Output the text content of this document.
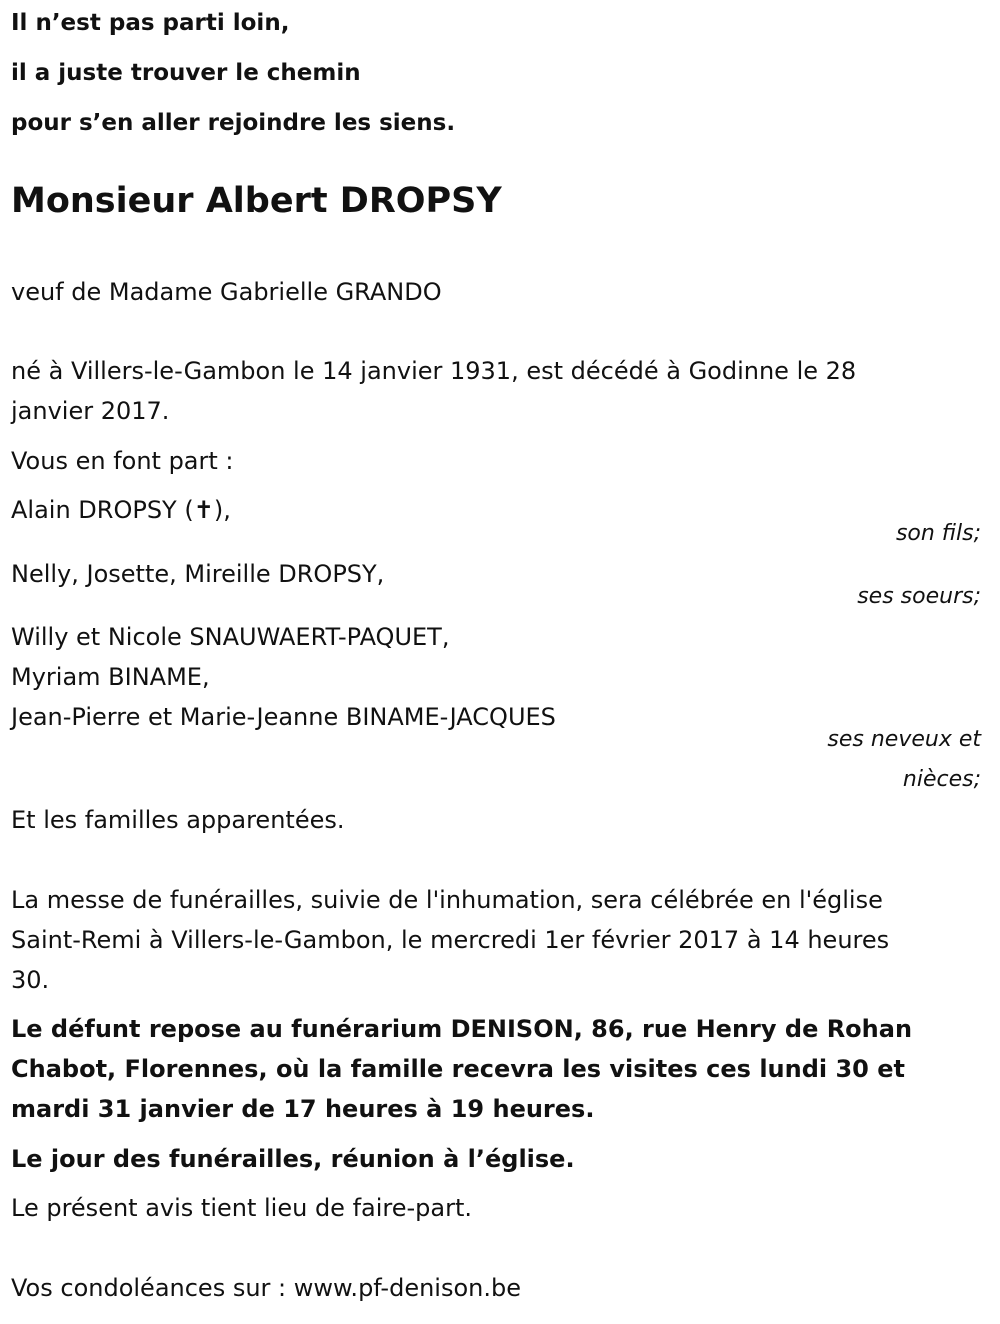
Il n’est pas parti loin,
il a juste trouver le chemin
pour s’en aller rejoindre les siens.
Monsieur Albert DROPSY
veuf de Madame Gabrielle GRANDO
né à Villers-le-Gambon le 14 janvier 1931, est décédé à Godinne le 28
janvier 2017.
Vous en font part :
Alain DROPSY (✝),
son fils;
Nelly, Josette, Mireille DROPSY,
ses soeurs;
Willy et Nicole SNAUWAERT-PAQUET,
Myriam BINAME,
Jean-Pierre et Marie-Jeanne BINAME-JACQUES
ses neveux et
nièces;
Et les familles apparentées.
La messe de funérailles, suivie de l'inhumation, sera célébrée en l'église
Saint-Remi à Villers-le-Gambon, le mercredi 1er février 2017 à 14 heures
30.
Le défunt repose au funérarium DENISON, 86, rue Henry de Rohan
Chabot, Florennes, où la famille recevra les visites ces lundi 30 et
mardi 31 janvier de 17 heures à 19 heures.
Le jour des funérailles, réunion à l’église.
Le présent avis tient lieu de faire-part.
Vos condoléances sur : www.pf-denison.be
